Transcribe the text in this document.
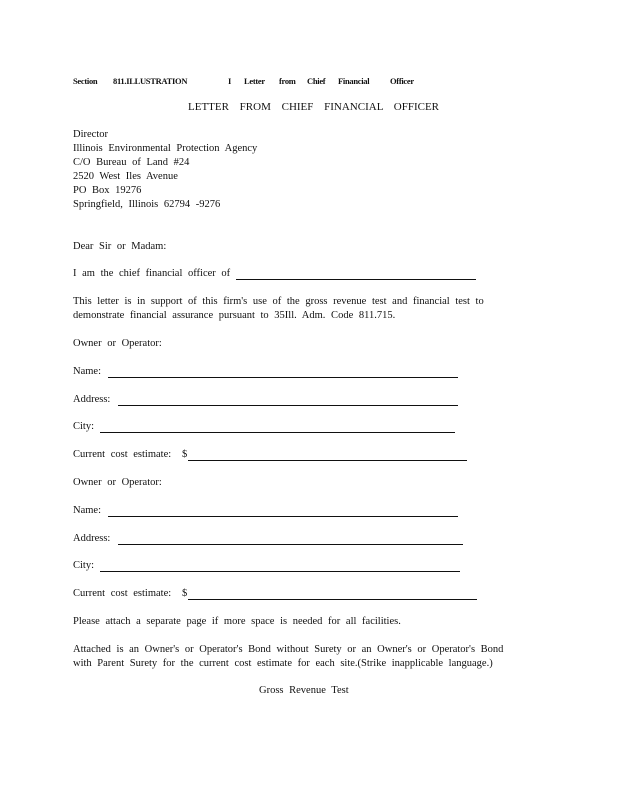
Section 811.ILLUSTRATION	I Letter from Chief Financial Officer
LETTER FROM CHIEF FINANCIAL OFFICER
Director
Illinois Environmental Protection Agency
C/O Bureau of Land #24
2520 West Iles Avenue
PO Box 19276
Springfield, Illinois 62794 -9276
Dear Sir or Madam:
I am the chief financial officer of
This letter is in support of this firm's use of the gross revenue test and financial test to
demonstrate financial assurance pursuant to 35Ill. Adm. Code 811.715.
Owner or Operator:
Name:
Address:
City:
Current cost estimate: $
Owner or Operator:
Name:
Address:
City:
Current cost estimate: $
Please attach a separate page if more space is needed for all facilities.
Attached is an Owner's or Operator's Bond without Surety or an Owner's or Operator's Bond
with Parent Surety for the current cost estimate for each site.(Strike inapplicable language.)
Gross Revenue Test
